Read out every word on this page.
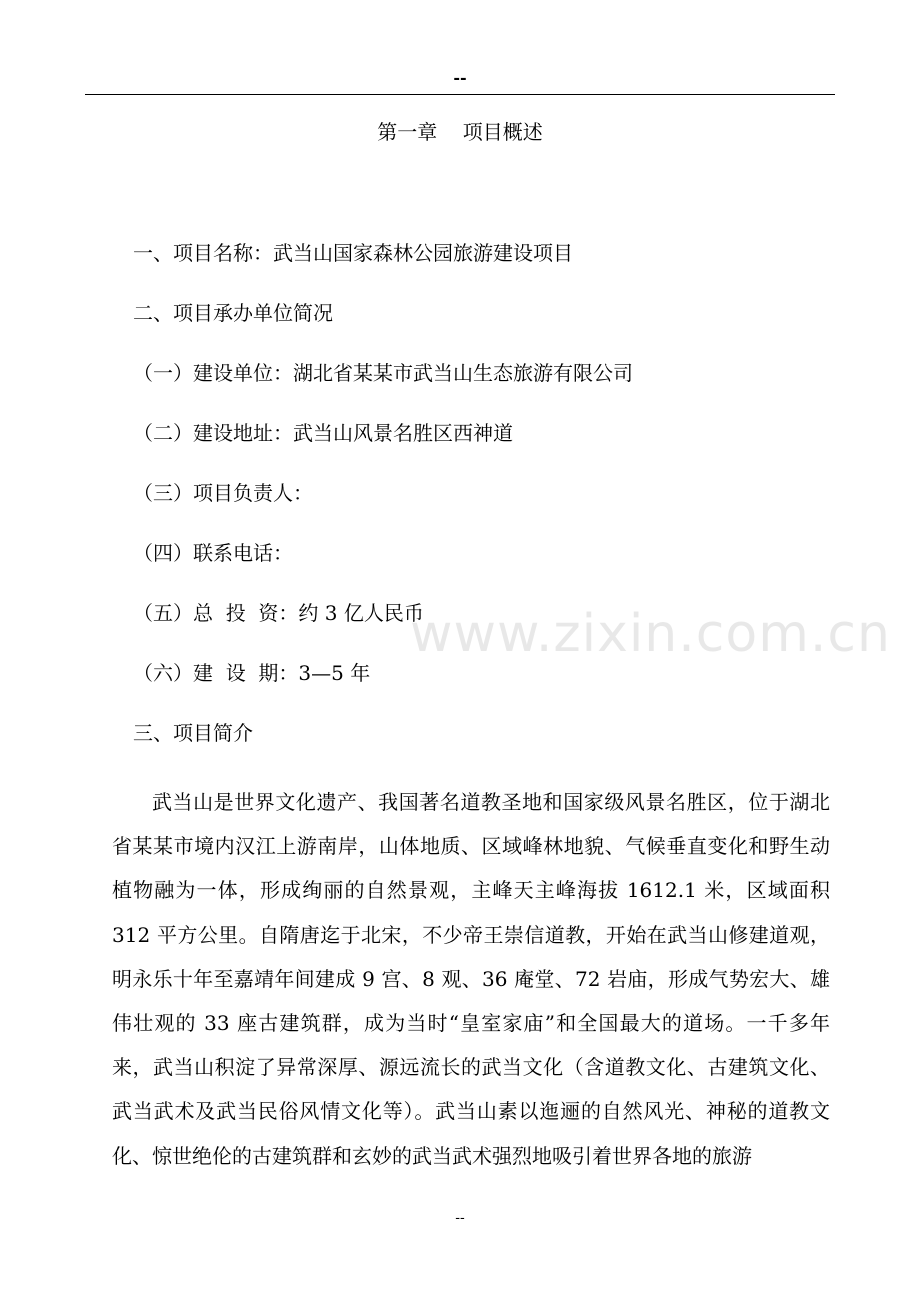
--
第一章    项目概述
一、项目名称：武当山国家森林公园旅游建设项目
二、项目承办单位简况
（一）建设单位：湖北省某某市武当山生态旅游有限公司
（二）建设地址：武当山风景名胜区西神道
（三）项目负责人：
（四）联系电话：
（五）总  投  资：约 3 亿人民币
（六）建  设  期：3—5 年
三、项目简介
武当山是世界文化遗产、我国著名道教圣地和国家级风景名胜区，位于湖北省某某市境内汉江上游南岸，山体地质、区域峰林地貌、气候垂直变化和野生动植物融为一体，形成绚丽的自然景观，主峰天主峰海拔 1612.1 米，区域面积 312 平方公里。自隋唐迄于北宋，不少帝王崇信道教，开始在武当山修建道观，明永乐十年至嘉靖年间建成 9 宫、8 观、36 庵堂、72 岩庙，形成气势宏大、雄伟壮观的 33 座古建筑群，成为当时“皇室家庙”和全国最大的道场。一千多年来，武当山积淀了异常深厚、源远流长的武当文化（含道教文化、古建筑文化、武当武术及武当民俗风情文化等）。武当山素以迤逦的自然风光、神秘的道教文化、惊世绝伦的古建筑群和玄妙的武当武术强烈地吸引着世界各地的旅游
www.zixin.com.cn
--
